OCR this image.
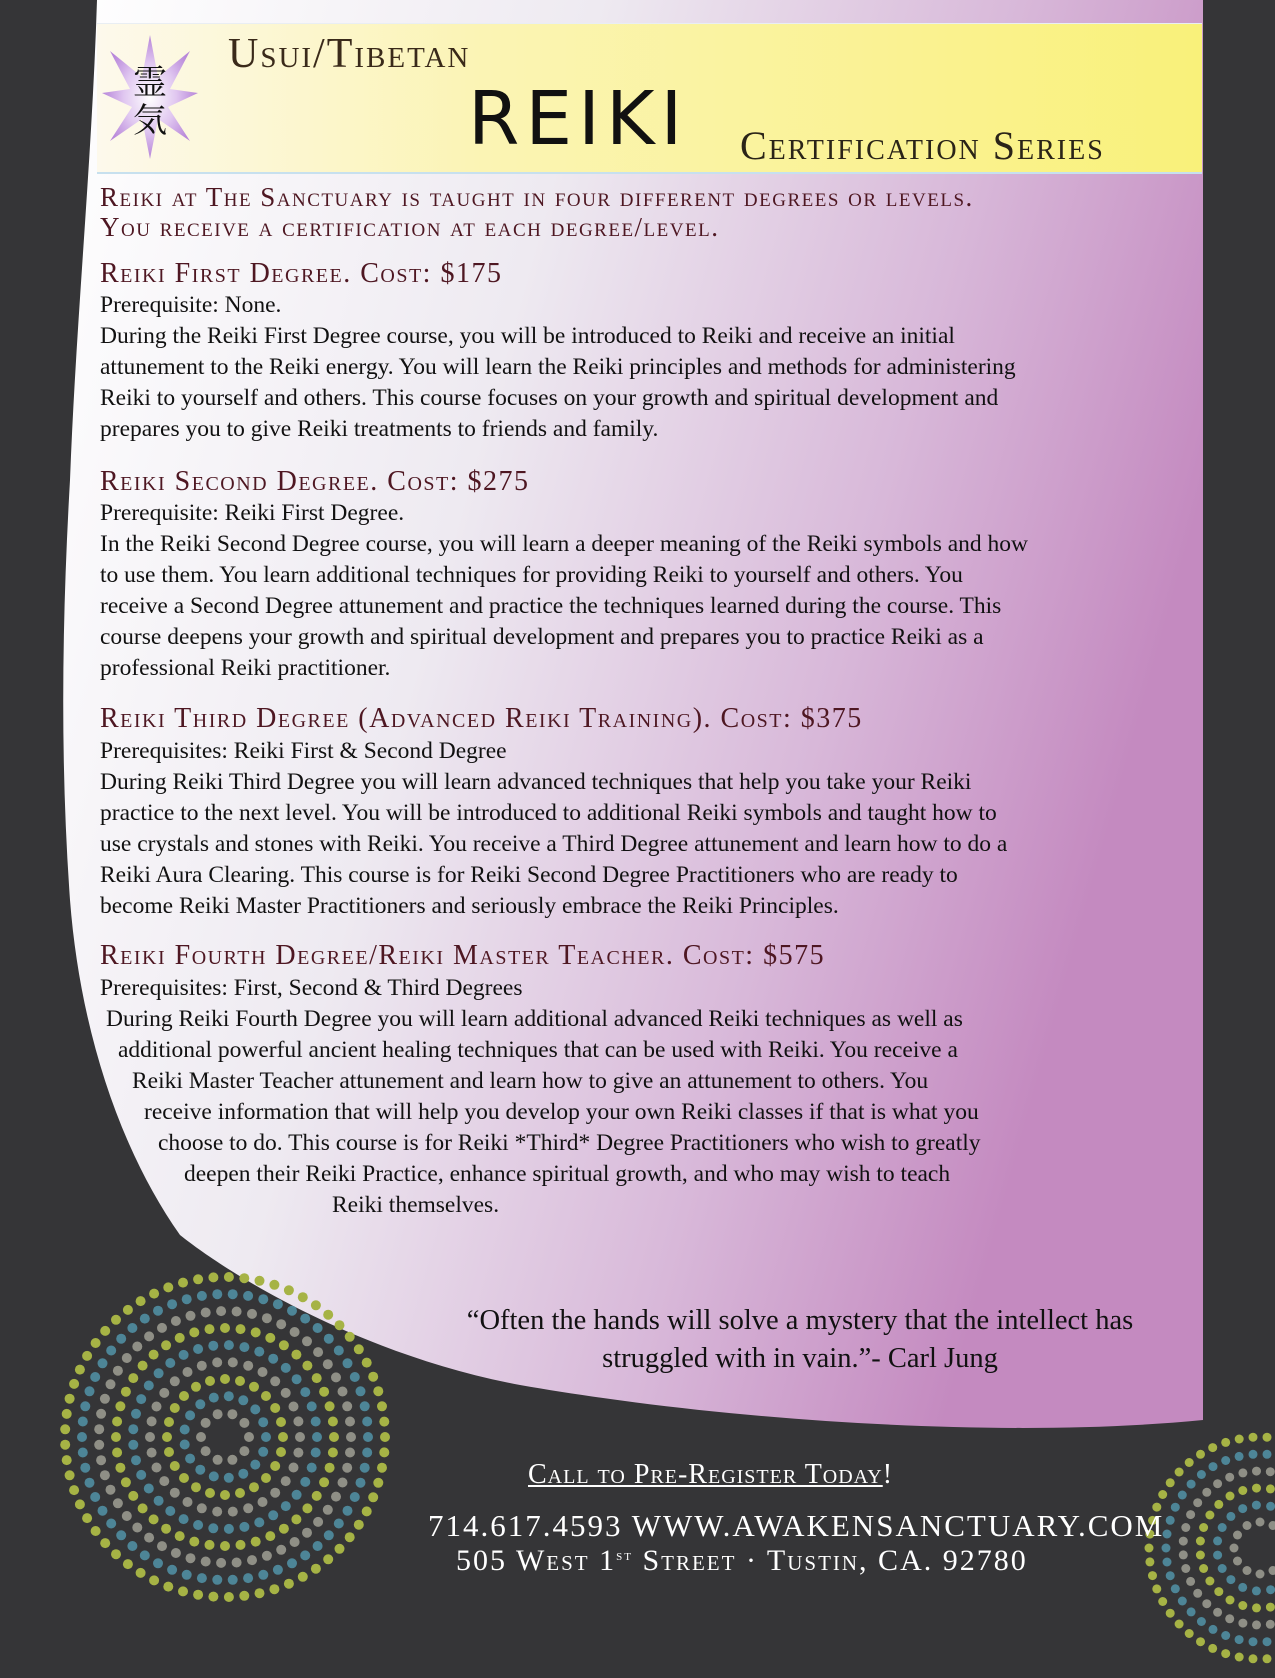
霊
気
Usui/Tibetan
REIKI Certification Series
Reiki at The Sanctuary is taught in four different degrees or levels.
You receive a certification at each degree/level.
Reiki First Degree. Cost: $175

Prerequisite: None.

During the Reiki First Degree course, you will be introduced to Reiki and receive an initial

attunement to the Reiki energy. You will learn the Reiki principles and methods for administering

Reiki to yourself and others. This course focuses on your growth and spiritual development and

prepares you to give Reiki treatments to friends and family.

Reiki Second Degree. Cost: $275

Prerequisite: Reiki First Degree.

In the Reiki Second Degree course, you will learn a deeper meaning of the Reiki symbols and how

to use them. You learn additional techniques for providing Reiki to yourself and others. You

receive a Second Degree attunement and practice the techniques learned during the course. This

course deepens your growth and spiritual development and prepares you to practice Reiki as a

professional Reiki practitioner.

Reiki Third Degree (Advanced Reiki Training). Cost: $375

Prerequisites: Reiki First & Second Degree

During Reiki Third Degree you will learn advanced techniques that help you take your Reiki

practice to the next level. You will be introduced to additional Reiki symbols and taught how to

use crystals and stones with Reiki. You receive a Third Degree attunement and learn how to do a

Reiki Aura Clearing. This course is for Reiki Second Degree Practitioners who are ready to

become Reiki Master Practitioners and seriously embrace the Reiki Principles.

Reiki Fourth Degree/Reiki Master Teacher. Cost: $575

Prerequisites: First, Second & Third Degrees

During Reiki Fourth Degree you will learn additional advanced Reiki techniques as well as

additional powerful ancient healing techniques that can be used with Reiki. You receive a

Reiki Master Teacher attunement and learn how to give an attunement to others. You

receive information that will help you develop your own Reiki classes if that is what you

choose to do. This course is for Reiki *Third* Degree Practitioners who wish to greatly

deepen their Reiki Practice, enhance spiritual growth, and who may wish to teach

Reiki themselves.

“Often the hands will solve a mystery that the intellect has
struggled with in vain.”- Carl Jung
Call to Pre-Register Today!
714.617.4593 WWW.AWAKENSANCTUARY.COM
505 West 1st Street · Tustin, CA. 92780
